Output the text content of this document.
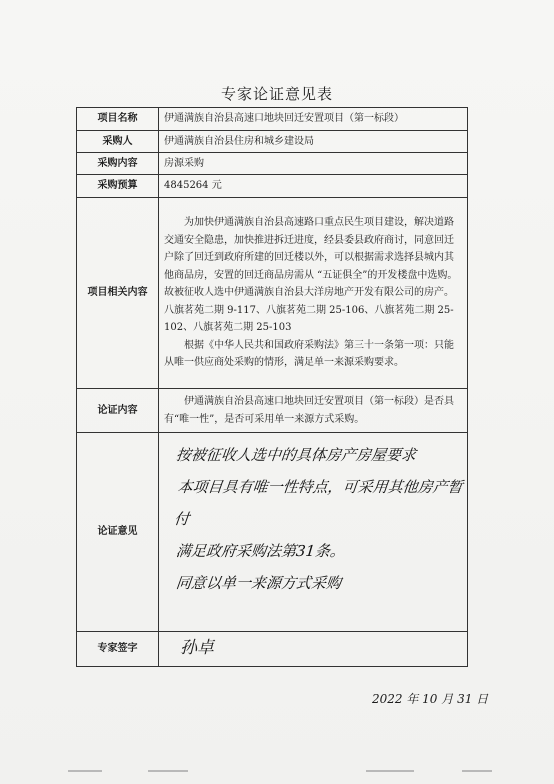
专家论证意见表
项目名称	伊通满族自治县高速口地块回迁安置项目（第一标段）
采购人	伊通满族自治县住房和城乡建设局
采购内容	房源采购
采购预算	4845264 元
项目相关内容	为加快伊通满族自治县高速路口重点民生项目建设，解决道路交通安全隐患，加快推进拆迁进度，经县委县政府商讨，同意回迁户除了回迁到政府所建的回迁楼以外，可以根据需求选择县城内其他商品房，安置的回迁商品房需从 “五证俱全”的开发楼盘中选购。故被征收人选中伊通满族自治县大洋房地产开发有限公司的房产。八旗茗苑二期 9-117、八旗茗苑二期 25-106、八旗茗苑二期 25-102、八旗茗苑二期 25-103

根据《中华人民共和国政府采购法》第三十一条第一项：只能从唯一供应商处采购的情形，满足单一来源采购要求。

论证内容	伊通满族自治县高速口地块回迁安置项目（第一标段）是否具有“唯一性”，是否可采用单一来源方式采购。

论证意见	按被征收人选中的具体房产房屋要求
本项目具有唯一性特点，可采用其他房产暂付
满足政府采购法第31条。
同意以单一来源方式采购

专家签字	孙卓
2022 年 10 月 31 日
